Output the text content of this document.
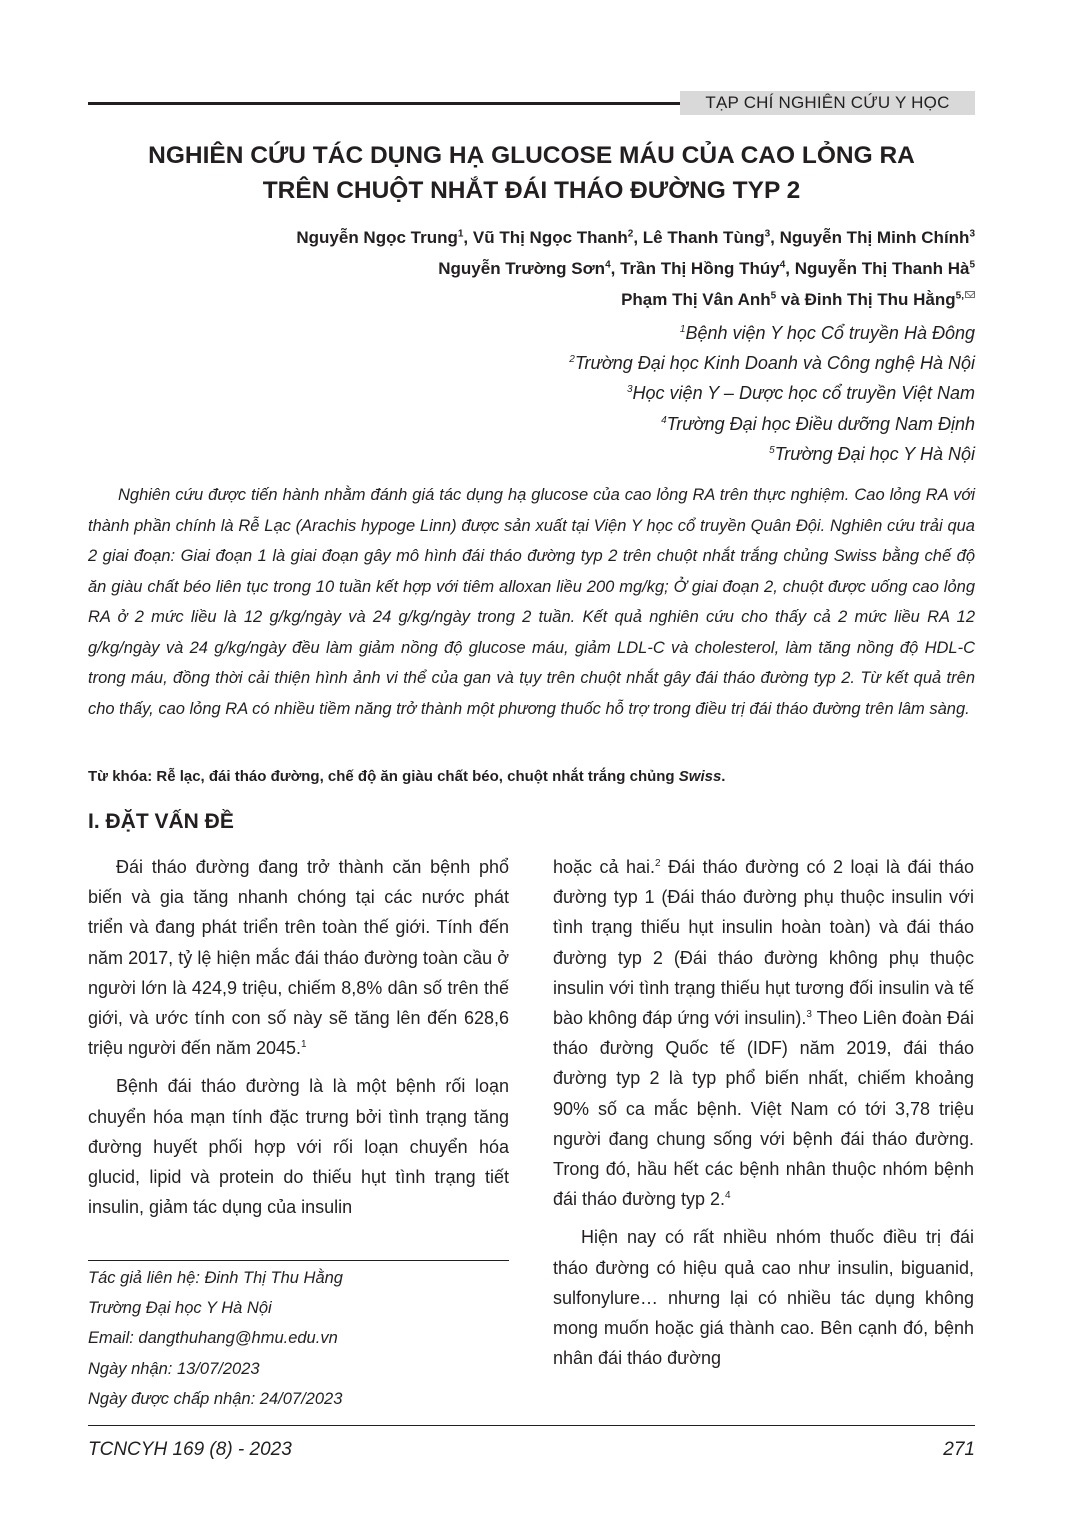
TẠP CHÍ NGHIÊN CỨU Y HỌC
NGHIÊN CỨU TÁC DỤNG HẠ GLUCOSE MÁU CỦA CAO LỎNG RA
TRÊN CHUỘT NHẮT ĐÁI THÁO ĐƯỜNG TYP 2
Nguyễn Ngọc Trung$^1$, Vũ Thị Ngọc Thanh$^2$, Lê Thanh Tùng$^3$, Nguyễn Thị Minh Chính$^3$
Nguyễn Trường Sơn$^4$, Trần Thị Hồng Thúy$^4$, Nguyễn Thị Thanh $Hà^5$
Phạm Thị Vân Anh$^5$ và Đinh Thị Thu Hằng$^{5,}$
$^1$Bệnh viện Y học Cổ truyền Hà Đông
$^2$Trường Đại học Kinh Doanh và Công nghệ Hà Nội
$^3$Học viện Y – Dược học cổ truyền Việt Nam
$^4$Trường Đại học Điều dưỡng Nam Định
$^5$Trường Đại học Y Hà Nội

Nghiên cứu được tiến hành nhằm đánh giá tác dụng hạ glucose của cao lỏng RA trên thực nghiệm. Cao lỏng RA với thành phần chính là Rễ Lạc (Arachis hypoge Linn) được sản xuất tại Viện Y học cổ truyền Quân Đội. Nghiên cứu trải qua 2 giai đoạn: Giai đoạn 1 là giai đoạn gây mô hình đái tháo đường typ 2 trên chuột nhắt trắng chủng Swiss bằng chế độ ăn giàu chất béo liên tục trong 10 tuần kết hợp với tiêm alloxan liều 200 mg/kg; Ở giai đoạn 2, chuột được uống cao lỏng RA ở 2 mức liều là 12 g/kg/ngày và 24 g/kg/ngày trong 2 tuần. Kết quả nghiên cứu cho thấy cả 2 mức liều RA 12 g/kg/ngày và 24 g/kg/ngày đều làm giảm nồng độ glucose máu, giảm LDL-C và cholesterol, làm tăng nồng độ HDL-C trong máu, đồng thời cải thiện hình ảnh vi thể của gan và tụy trên chuột nhắt gây đái tháo đường typ 2. Từ kết quả trên cho thấy, cao lỏng RA có nhiều tiềm năng trở thành một phương thuốc hỗ trợ trong điều trị đái tháo đường trên lâm sàng.

Từ khóa: Rễ lạc, đái tháo đường, chế độ ăn giàu chất béo, chuột nhắt trắng chủng Swiss.
I. ĐẶT VẤN ĐỀ

Đái tháo đường đang trở thành căn bệnh phổ biến và gia tăng nhanh chóng tại các nước phát triển và đang phát triển trên toàn thế giới. Tính đến năm 2017, tỷ lệ hiện mắc đái tháo đường toàn cầu ở người lớn là 424,9 triệu, chiếm 8,8% dân số trên thế giới, và ước tính con số này sẽ tăng lên đến 628,6 triệu người đến năm 2045.$^1$

Bệnh đái tháo đường là là một bệnh rối loạn chuyển hóa mạn tính đặc trưng bởi tình trạng tăng đường huyết phối hợp với rối loạn chuyển hóa glucid, lipid và protein do thiếu hụt tình trạng tiết insulin, giảm tác dụng của insulin

hoặc cả hai.$^2$ Đái tháo đường có 2 loại là đái tháo đường typ 1 (Đái tháo đường phụ thuộc insulin với tình trạng thiếu hụt insulin hoàn toàn) và đái tháo đường typ 2 (Đái tháo đường không phụ thuộc insulin với tình trạng thiếu hụt tương đối insulin và tế bào không đáp ứng với insulin).$^3$ Theo Liên đoàn Đái tháo đường Quốc tế (IDF) năm 2019, đái tháo đường typ 2 là typ phổ biến nhất, chiếm khoảng 90% số ca mắc bệnh. Việt Nam có tới 3,78 triệu người đang chung sống với bệnh đái tháo đường. Trong đó, hầu hết các bệnh nhân thuộc nhóm bệnh đái tháo đường typ 2.$^4$

Hiện nay có rất nhiều nhóm thuốc điều trị đái tháo đường có hiệu quả cao như insulin, biguanid, sulfonylure… nhưng lại có nhiều tác dụng không mong muốn hoặc giá thành cao. Bên cạnh đó, bệnh nhân đái tháo đường

Tác giả liên hệ: Đinh Thị Thu Hằng
Trường Đại học Y Hà Nội
Email: dangthuhang@hmu.edu.vn
Ngày nhận: 13/07/2023
Ngày được chấp nhận: 24/07/2023
TCNCYH 169 (8) - 2023	271
